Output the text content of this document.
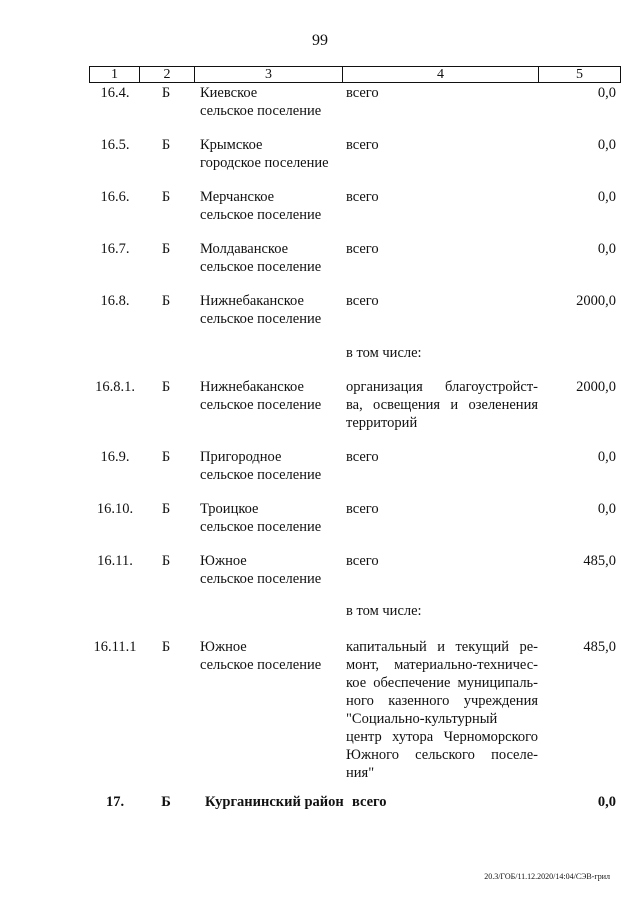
99
1	2	3	4	5
16.4.	Б	Киевское
сельское поселение
всего	0,0
16.5.	Б	Крымское
городское поселение
всего	0,0
16.6.	Б	Мерчанское
сельское поселение
всего	0,0
16.7.	Б	Молдаванское
сельское поселение
всего	0,0
16.8.	Б	Нижнебаканское
сельское поселение
всего	2000,0
в том числе:
16.8.1.	Б	Нижнебаканское
сельское поселение
организация благоустройст-
ва, освещения и озеленения
территорий
2000,0
16.9.	Б	Пригородное
сельское поселение
всего	0,0
16.10.	Б	Троицкое
сельское поселение
всего	0,0
16.11.	Б	Южное
сельское поселение
всего	485,0
в том числе:
16.11.1	Б	Южное
сельское поселение
капитальный и текущий ре-
монт, материально-техничес-
кое обеспечение муниципаль-
ного казенного учреждения
"Социально-культурный
центр хутора Черноморского
Южного сельского поселе-
ния"
485,0
17.	Б	Курганинский район всего	0,0
20.3/ГОБ/11.12.2020/14:04/СЭВ-грил
